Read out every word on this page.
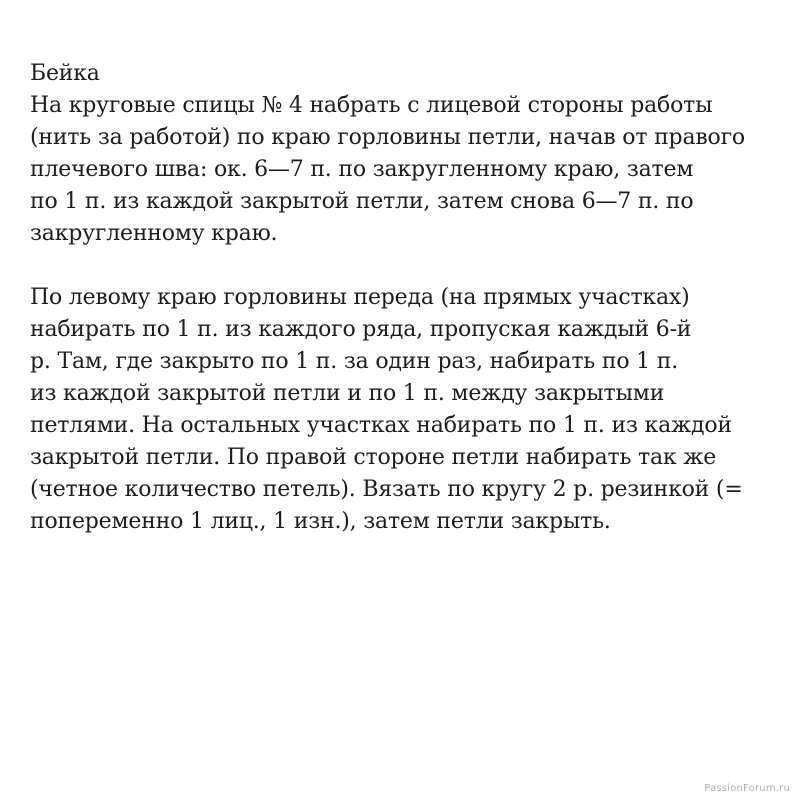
Бейка
На круговые спицы № 4 набрать с лицевой стороны работы
(нить за работой) по краю горловины петли, начав от правого
плечевого шва: ок. 6—7 п. по закругленному краю, затем
по 1 п. из каждой закрытой петли, затем снова 6—7 п. по
закругленному краю.
По левому краю горловины переда (на прямых участках)
набирать по 1 п. из каждого ряда, пропуская каждый 6-й
р. Там, где закрыто по 1 п. за один раз, набирать по 1 п.
из каждой закрытой петли и по 1 п. между закрытыми
петлями. На остальных участках набирать по 1 п. из каждой
закрытой петли. По правой стороне петли набирать так же
(четное количество петель). Вязать по кругу 2 р. резинкой (=
попеременно 1 лиц., 1 изн.), затем петли закрыть.
PassionForum.ru
